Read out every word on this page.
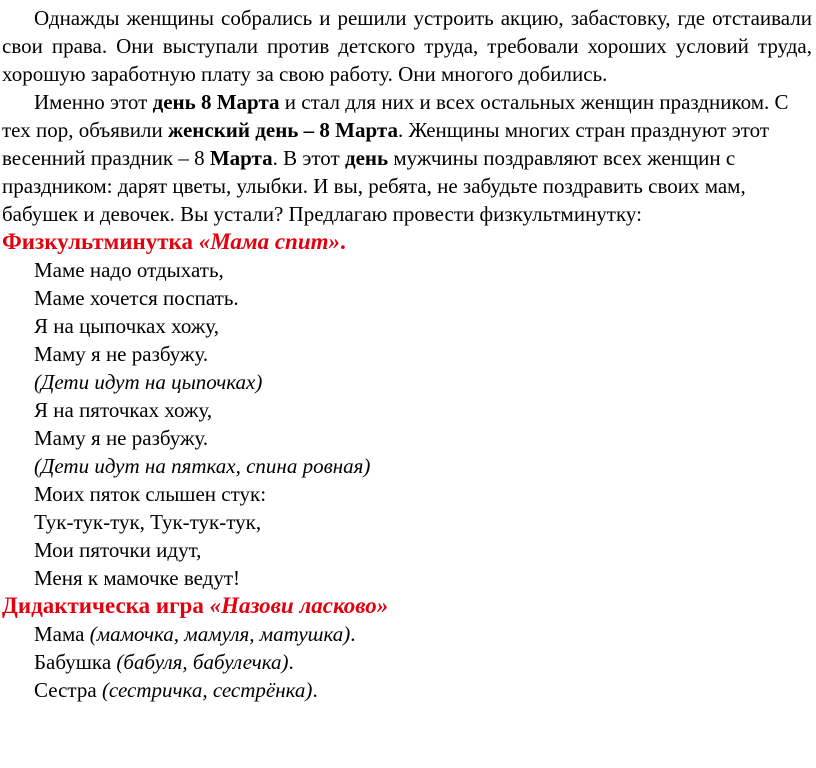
Однажды женщины собрались и решили устроить акцию, забастовку, где отстаивали свои права. Они выступали против детского труда, требовали хороших условий труда, хорошую заработную плату за свою работу. Они многого добились.

Именно этот день 8 Марта и стал для них и всех остальных женщин праздником. С тех пор, объявили женский день – 8 Марта. Женщины многих стран празднуют этот весенний праздник – 8 Марта. В этот день мужчины поздравляют всех женщин с праздником: дарят цветы, улыбки. И вы, ребята, не забудьте поздравить своих мам, бабушек и девочек. Вы устали? Предлагаю провести физкультминутку:

Физкультминутка «Мама спит».

Маме надо отдыхать,
Маме хочется поспать.
Я на цыпочках хожу,
Маму я не разбужу.
(Дети идут на цыпочках)
Я на пяточках хожу,
Маму я не разбужу.
(Дети идут на пятках, спина ровная)
Моих пяток слышен стук:
Тук-тук-тук, Тук-тук-тук,
Мои пяточки идут,
Меня к мамочке ведут!

Дидактическа игра «Назови ласково»

Мама (мамочка, мамуля, матушка).
Бабушка (бабуля, бабулечка).
Сестра (сестричка, сестрёнка).
